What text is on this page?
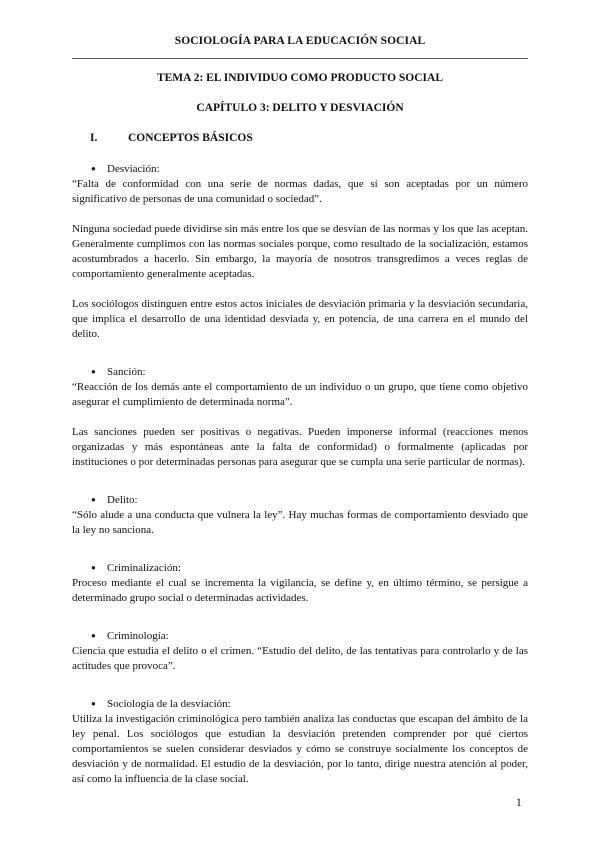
SOCIOLOGÍA PARA LA EDUCACIÓN SOCIAL
TEMA 2: EL INDIVIDUO COMO PRODUCTO SOCIAL
CAPÍTULO 3: DELITO Y DESVIACIÓN
I.	CONCEPTOS BÁSICOS
● Desviación:

“Falta de conformidad con una serie de normas dadas, que sí son aceptadas por un número significativo de personas de una comunidad o sociedad”.

Ninguna sociedad puede dividirse sin más entre los que se desvían de las normas y los que las aceptan. Generalmente cumplimos con las normas sociales porque, como resultado de la socialización, estamos acostumbrados a hacerlo. Sin embargo, la mayoría de nosotros transgredimos a veces reglas de comportamiento generalmente aceptadas.

Los sociólogos distinguen entre estos actos iniciales de desviación primaria y la desviación secundaria, que implica el desarrollo de una identidad desviada y, en potencia, de una carrera en el mundo del delito.

● Sanción:

“Reacción de los demás ante el comportamiento de un individuo o un grupo, que tiene como objetivo asegurar el cumplimiento de determinada norma”.

Las sanciones pueden ser positivas o negativas. Pueden imponerse informal (reacciones menos organizadas y más espontáneas ante la falta de conformidad) o formalmente (aplicadas por instituciones o por determinadas personas para asegurar que se cumpla una serie particular de normas).

● Delito:

“Sólo alude a una conducta que vulnera la ley”. Hay muchas formas de comportamiento desviado que la ley no sanciona.

● Criminalización:

Proceso mediante el cual se incrementa la vigilancia, se define y, en último término, se persigue a determinado grupo social o determinadas actividades.

● Criminología:

Ciencia que estudia el delito o el crimen. “Estudio del delito, de las tentativas para controlarlo y de las actitudes que provoca”.

● Sociología de la desviación:

Utiliza la investigación criminológica pero también analiza las conductas que escapan del ámbito de la ley penal. Los sociólogos que estudian la desviación pretenden comprender por qué ciertos comportamientos se suelen considerar desviados y cómo se construye socialmente los conceptos de desviación y de normalidad. El estudio de la desviación, por lo tanto, dirige nuestra atención al poder, así como la influencia de la clase social.

1
